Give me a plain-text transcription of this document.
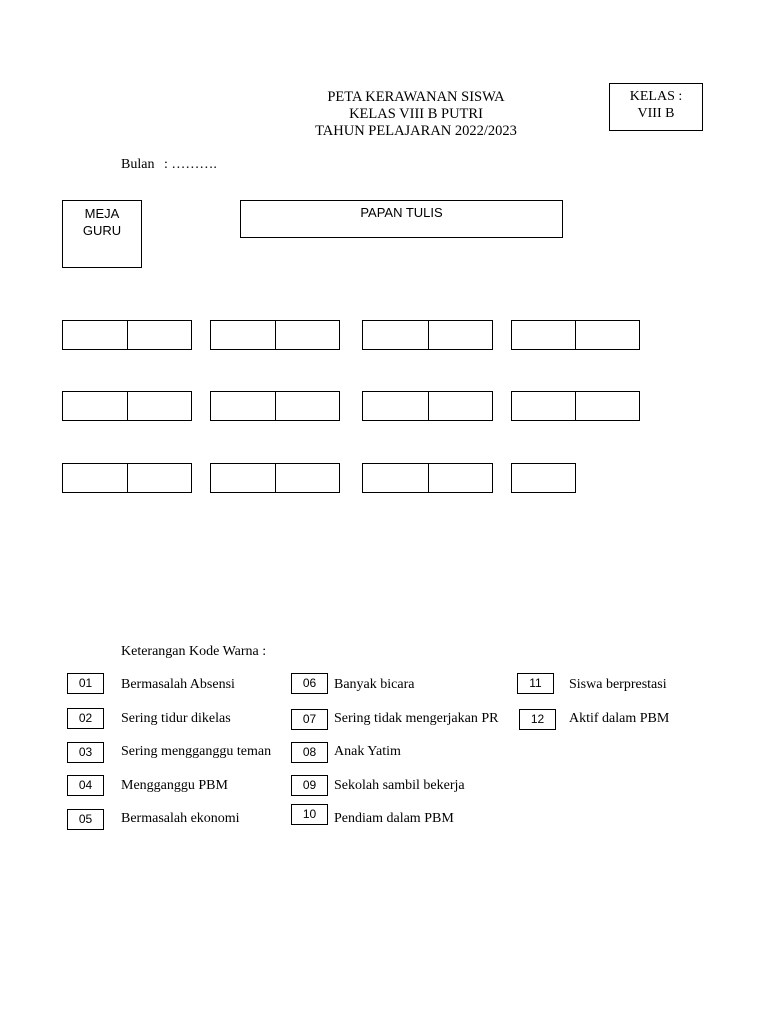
PETA KERAWANAN SISWA
KELAS VIII B PUTRI
TAHUN PELAJARAN 2022/2023
KELAS :
VIII B
Bulan : ……….
MEJA
GURU
PAPAN TULIS
Keterangan Kode Warna :
01	Bermasalah Absensi
02	Sering tidur dikelas
03	Sering mengganggu teman
04	Mengganggu PBM
05	Bermasalah ekonomi
06	Banyak bicara
07	Sering tidak mengerjakan PR
08	Anak Yatim
09	Sekolah sambil bekerja
10	Pendiam dalam PBM
11	Siswa berprestasi
12	Aktif dalam PBM
